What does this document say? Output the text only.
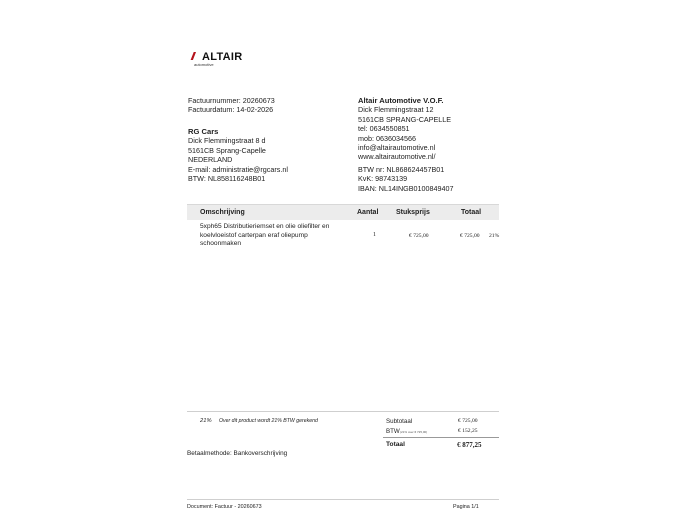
// ALTAIR
automotive
Factuurnummer: 20260673
Factuurdatum: 14-02-2026
RG Cars
Dick Flemmingstraat 8 d
5161CB Sprang-Capelle
NEDERLAND
E-mail: administratie@rgcars.nl
BTW: NL858116248B01
Altair Automotive V.O.F.
Dick Flemmingstraat 12
5161CB SPRANG-CAPELLE
tel: 0634550851
mob: 0636034566
info@altairautomotive.nl
www.altairautomotive.nl/
BTW nr: NL868624457B01
KvK: 98743139
IBAN: NL14INGB0100849407
Omschrijving	Aantal	Stuksprijs	Totaal
5xph65 Distributieriemset en olie oliefilter en
koelvloeistof carterpan eraf oliepump
schoonmaken
1	€ 725,00	€ 725,00 21%
21% Over dit product wordt 21% BTW gerekend	Subtotaal	€ 725,00
BTW (21% over € 725,00)	€ 152,25
Totaal	€ 877,25
Betaalmethode: Bankoverschrijving
Document: Factuur - 20260673	Pagina 1/1
